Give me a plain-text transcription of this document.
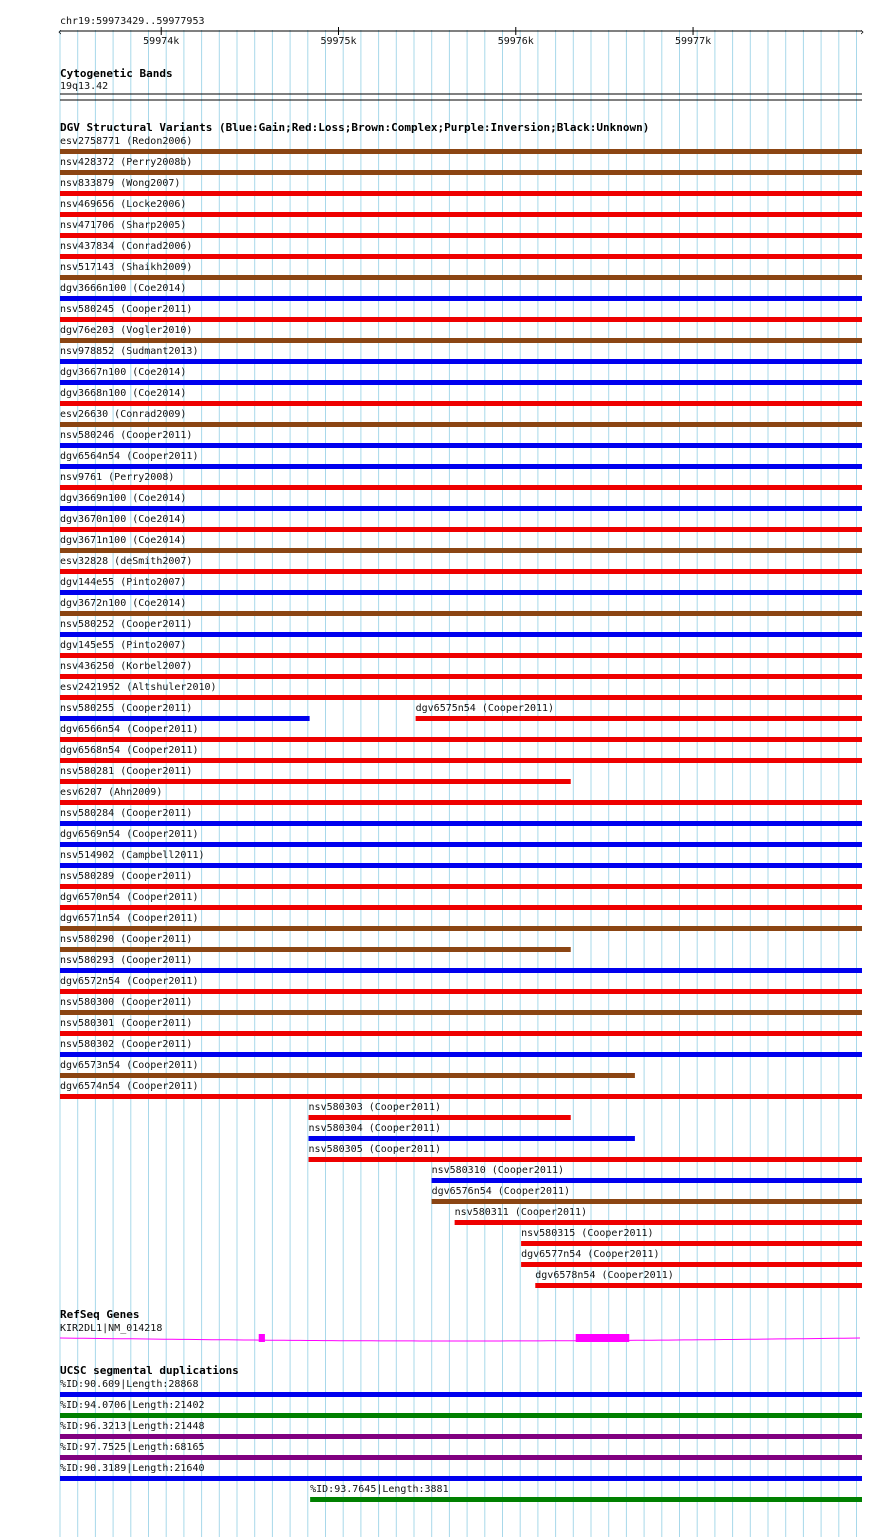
chr19:59973429..59977953
‹	›
59974k	59975k	59976k	59977k
Cytogenetic Bands
19q13.42
DGV Structural Variants (Blue:Gain;Red:Loss;Brown:Complex;Purple:Inversion;Black:Unknown)
esv2758771 (Redon2006)
nsv428372 (Perry2008b)
nsv833879 (Wong2007)
nsv469656 (Locke2006)
nsv471706 (Sharp2005)
nsv437834 (Conrad2006)
nsv517143 (Shaikh2009)
dgv3666n100 (Coe2014)
nsv580245 (Cooper2011)
dgv76e203 (Vogler2010)
nsv978852 (Sudmant2013)
dgv3667n100 (Coe2014)
dgv3668n100 (Coe2014)
esv26630 (Conrad2009)
nsv580246 (Cooper2011)
dgv6564n54 (Cooper2011)
nsv9761 (Perry2008)
dgv3669n100 (Coe2014)
dgv3670n100 (Coe2014)
dgv3671n100 (Coe2014)
esv32828 (deSmith2007)
dgv144e55 (Pinto2007)
dgv3672n100 (Coe2014)
nsv580252 (Cooper2011)
dgv145e55 (Pinto2007)
nsv436250 (Korbel2007)
esv2421952 (Altshuler2010)
nsv580255 (Cooper2011)	dgv6575n54 (Cooper2011)
dgv6566n54 (Cooper2011)
dgv6568n54 (Cooper2011)
nsv580281 (Cooper2011)
esv6207 (Ahn2009)
nsv580284 (Cooper2011)
dgv6569n54 (Cooper2011)
nsv514902 (Campbell2011)
nsv580289 (Cooper2011)
dgv6570n54 (Cooper2011)
dgv6571n54 (Cooper2011)
nsv580290 (Cooper2011)
nsv580293 (Cooper2011)
dgv6572n54 (Cooper2011)
nsv580300 (Cooper2011)
nsv580301 (Cooper2011)
nsv580302 (Cooper2011)
dgv6573n54 (Cooper2011)
dgv6574n54 (Cooper2011)
nsv580303 (Cooper2011)
nsv580304 (Cooper2011)
nsv580305 (Cooper2011)
nsv580310 (Cooper2011)
dgv6576n54 (Cooper2011)
nsv580311 (Cooper2011)
nsv580315 (Cooper2011)
dgv6577n54 (Cooper2011)
dgv6578n54 (Cooper2011)
RefSeq Genes
KIR2DL1|NM_014218
UCSC segmental duplications
%ID:90.609|Length:28868
%ID:94.0706|Length:21402
%ID:96.3213|Length:21448
%ID:97.7525|Length:68165
%ID:90.3189|Length:21640
%ID:93.7645|Length:3881
